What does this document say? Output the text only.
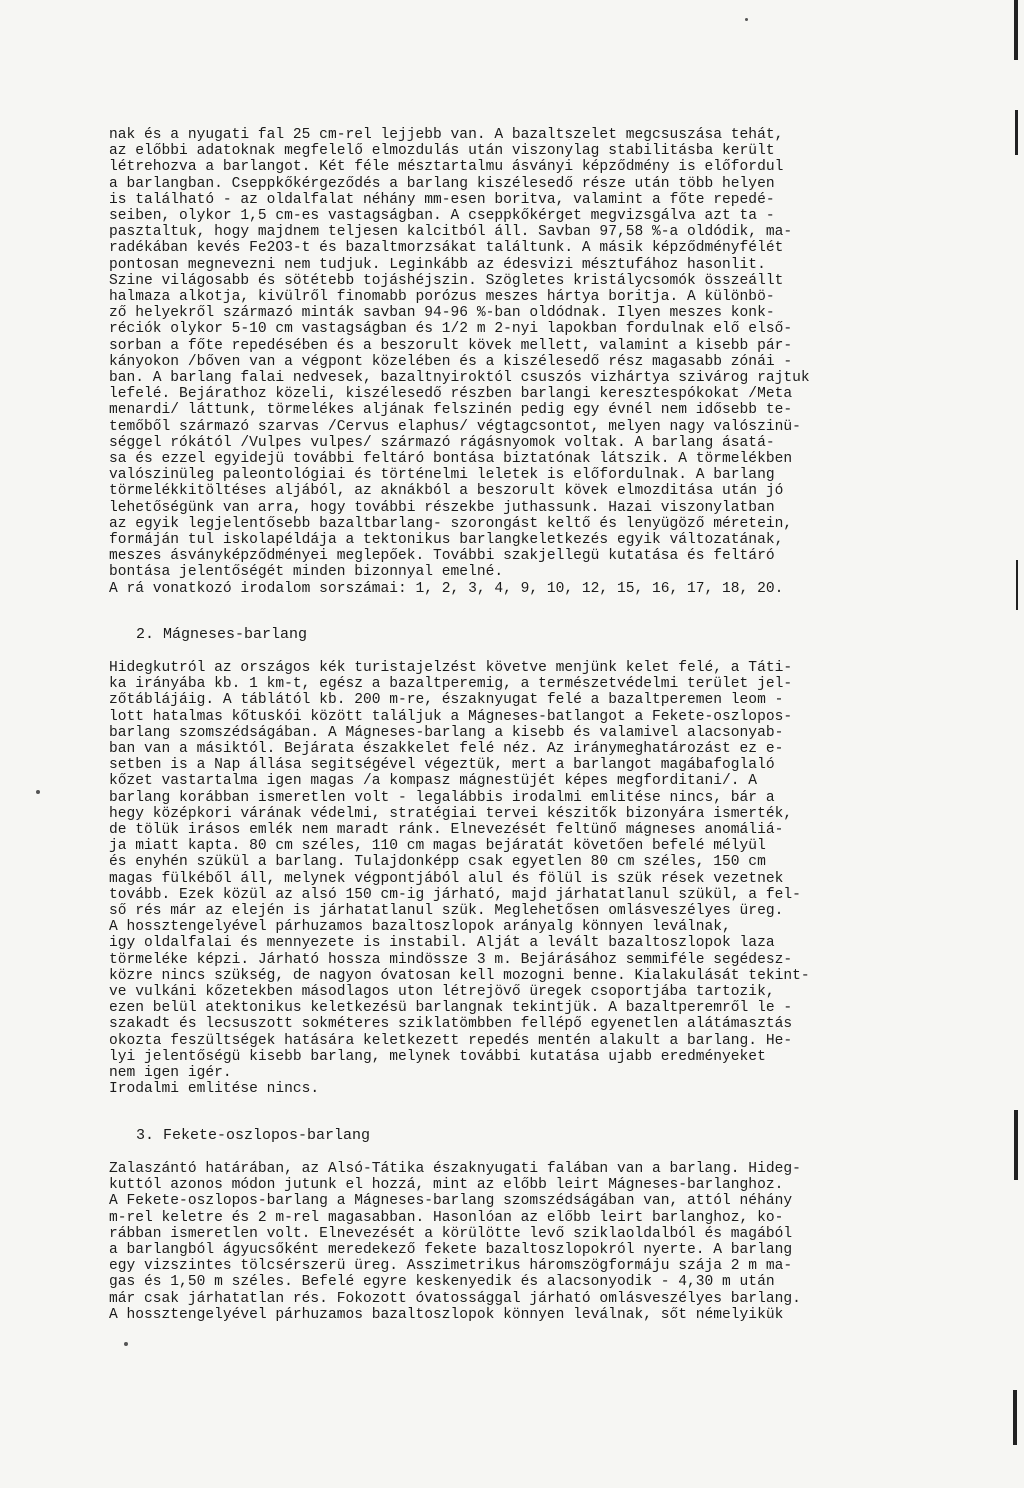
nak és a nyugati fal 25 cm-rel lejjebb van. A bazaltszelet megcsuszása tehát,
az előbbi adatoknak megfelelő elmozdulás után viszonylag stabilitásba került
létrehozva a barlangot. Két féle mésztartalmu ásványi képződmény is előfordul
a barlangban. Cseppkőkérgeződés a barlang kiszélesedő része után több helyen
is található - az oldalfalat néhány mm-esen boritva, valamint a főte repedé-
seiben, olykor 1,5 cm-es vastagságban. A cseppkőkérget megvizsgálva azt ta -
pasztaltuk, hogy majdnem teljesen kalcitból áll. Savban 97,58 %-a oldódik, ma-
radékában kevés Fe2O3-t és bazaltmorzsákat találtunk. A másik képződményfélét
pontosan megnevezni nem tudjuk. Leginkább az édesvizi mésztufához hasonlit.
Szine világosabb és sötétebb tojáshéjszin. Szögletes kristálycsomók összeállt
halmaza alkotja, kivülről finomabb porózus meszes hártya boritja. A különbö-
ző helyekről származó minták savban 94-96 %-ban oldódnak. Ilyen meszes konk-
réciók olykor 5-10 cm vastagságban és 1/2 m 2-nyi lapokban fordulnak elő első-
sorban a főte repedésében és a beszorult kövek mellett, valamint a kisebb pár-
kányokon /bőven van a végpont közelében és a kiszélesedő rész magasabb zónái -
ban. A barlang falai nedvesek, bazaltnyiroktól csuszós vizhártya szivárog rajtuk
lefelé. Bejárathoz közeli, kiszélesedő részben barlangi keresztespókokat /Meta
menardi/ láttunk, törmelékes aljának felszinén pedig egy évnél nem idősebb te-
temőből származó szarvas /Cervus elaphus/ végtagcsontot, melyen nagy valószinü-
séggel rókától /Vulpes vulpes/ származó rágásnyomok voltak. A barlang ásatá-
sa és ezzel egyidejü további feltáró bontása biztatónak látszik. A törmelékben
valószinüleg paleontológiai és történelmi leletek is előfordulnak. A barlang
törmelékkitöltéses aljából, az aknákból a beszorult kövek elmozditása után jó
lehetőségünk van arra, hogy további részekbe juthassunk. Hazai viszonylatban
az egyik legjelentősebb bazaltbarlang- szorongást keltő és lenyügöző méretein,
formáján tul iskolapéldája a tektonikus barlangkeletkezés egyik változatának,
meszes ásványképződményei meglepőek. További szakjellegü kutatása és feltáró
bontása jelentőségét minden bizonnyal emelné.
A rá vonatkozó irodalom sorszámai: 1, 2, 3, 4, 9, 10, 12, 15, 16, 17, 18, 20.
2. Mágneses-barlang
Hidegkutról az országos kék turistajelzést követve menjünk kelet felé, a Táti-
ka irányába kb. 1 km-t, egész a bazaltperemig, a természetvédelmi terület jel-
zőtáblájáig. A táblától kb. 200 m-re, északnyugat felé a bazaltperemen leom -
lott hatalmas kőtuskói között találjuk a Mágneses-batlangot a Fekete-oszlopos-
barlang szomszédságában. A Mágneses-barlang a kisebb és valamivel alacsonyab-
ban van a másiktól. Bejárata északkelet felé néz. Az iránymeghatározást ez e-
setben is a Nap állása segitségével végeztük, mert a barlangot magábafoglaló
kőzet vastartalma igen magas /a kompasz mágnestüjét képes megforditani/. A
barlang korábban ismeretlen volt - legalábbis irodalmi emlitése nincs, bár a
hegy középkori várának védelmi, stratégiai tervei készitők bizonyára ismerték,
de tölük irásos emlék nem maradt ránk. Elnevezését feltünő mágneses anomáliá-
ja miatt kapta. 80 cm széles, 110 cm magas bejáratát követően befelé mélyül
és enyhén szükül a barlang. Tulajdonképp csak egyetlen 80 cm széles, 150 cm
magas fülkéből áll, melynek végpontjából alul és fölül is szük rések vezetnek
tovább. Ezek közül az alsó 150 cm-ig járható, majd járhatatlanul szükül, a fel-
ső rés már az elején is járhatatlanul szük. Meglehetősen omlásveszélyes üreg.
A hossztengelyével párhuzamos bazaltoszlopok arányalg könnyen leválnak,
igy oldalfalai és mennyezete is instabil. Alját a levált bazaltoszlopok laza
törmeléke képzi. Járható hossza mindössze 3 m. Bejárásához semmiféle segédesz-
közre nincs szükség, de nagyon óvatosan kell mozogni benne. Kialakulását tekint-
ve vulkáni kőzetekben másodlagos uton létrejövő üregek csoportjába tartozik,
ezen belül atektonikus keletkezésü barlangnak tekintjük. A bazaltperemről le -
szakadt és lecsuszott sokméteres sziklatömbben fellépő egyenetlen alátámasztás
okozta feszültségek hatására keletkezett repedés mentén alakult a barlang. He-
lyi jelentőségü kisebb barlang, melynek további kutatása ujabb eredményeket
nem igen igér.
Irodalmi emlitése nincs.
3. Fekete-oszlopos-barlang
Zalaszántó határában, az Alsó-Tátika északnyugati falában van a barlang. Hideg-
kuttól azonos módon jutunk el hozzá, mint az előbb leirt Mágneses-barlanghoz.
A Fekete-oszlopos-barlang a Mágneses-barlang szomszédságában van, attól néhány
m-rel keletre és 2 m-rel magasabban. Hasonlóan az előbb leirt barlanghoz, ko-
rábban ismeretlen volt. Elnevezését a körülötte levő sziklaoldalból és magából
a barlangból ágyucsőként meredekező fekete bazaltoszlopokról nyerte. A barlang
egy vizszintes tölcsérszerü üreg. Asszimetrikus háromszögformáju szája 2 m ma-
gas és 1,50 m széles. Befelé egyre keskenyedik és alacsonyodik - 4,30 m után
már csak járhatatlan rés. Fokozott óvatossággal járható omlásveszélyes barlang.
A hossztengelyével párhuzamos bazaltoszlopok könnyen leválnak, sőt némelyikük
